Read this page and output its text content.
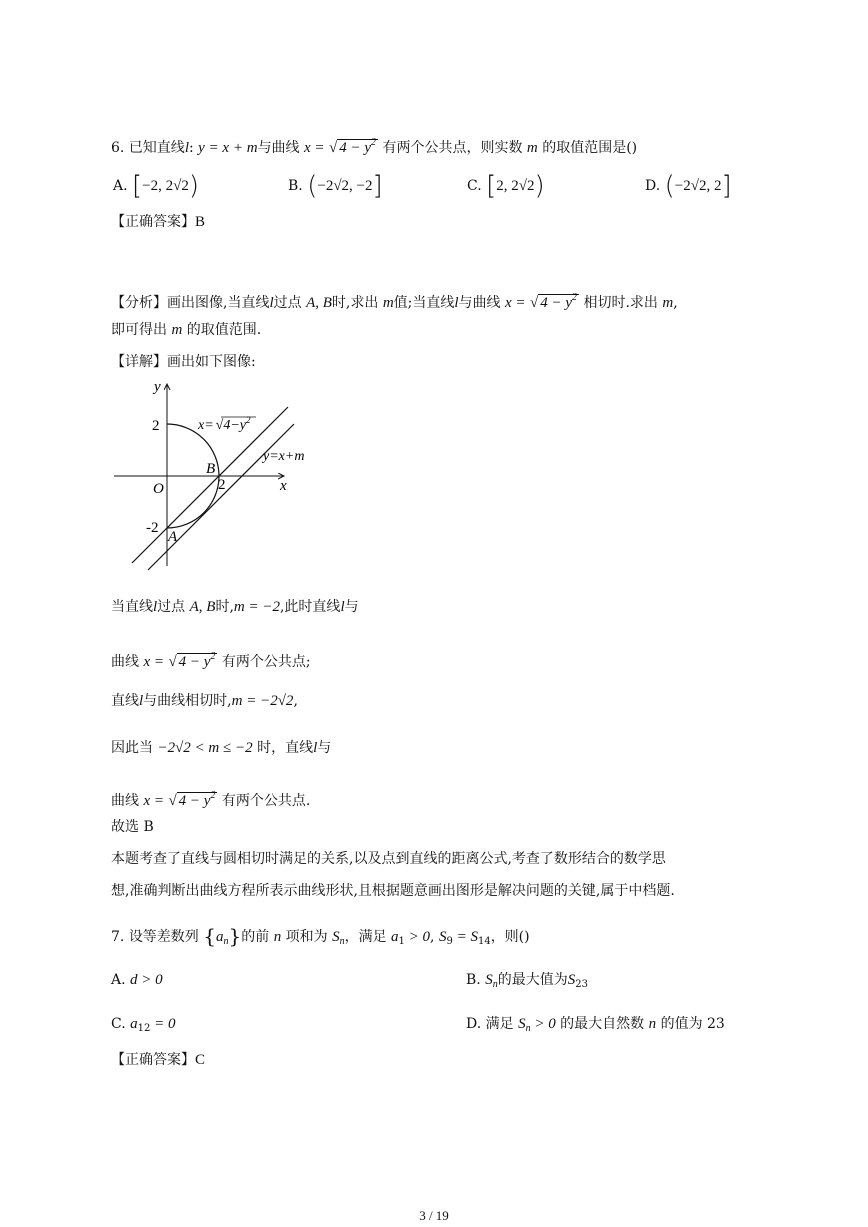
6. 已知直线l: y = x + m与曲线 x = √ $4 - y^2$ 有两个公共点，则实数 m 的取值范围是()
A. [−2, 2√2)	B. (−2√2, −2]	C. [2, 2√2)	D. (−2√2, 2]
【正确答案】B
【分析】画出图像,当直线l过点 A, B时,求出 m值;当直线l与曲线 x = √ $4 - y^2$ 相切时.求出 m,
即可得出 m 的取值范围.
【详解】画出如下图像:
y
x
O
2
-2
2
B
A
$x= √4-y^2$
y=x+m
当直线l过点 A, B时,m = −2,此时直线l与
曲线 x = √ $4 - y^2$ 有两个公共点;
直线l与曲线相切时,m = −2√2,
因此当 −2√2 < m ≤ −2 时，直线l与
曲线 x = √ $4 - y^2$ 有两个公共点.
故选 B
本题考查了直线与圆相切时满足的关系,以及点到直线的距离公式,考查了数形结合的数学思
想,准确判断出曲线方程所表示曲线形状,且根据题意画出图形是解决问题的关键,属于中档题.
7. 设等差数列 $\{a_n\}$的前 n 项和为 $S_n$，满足 $a_1 > 0$, $S_9 = S_{14}$，则()
A. d > 0	B. $S_n$的最大值为$S_{23}$
C. $a_{12} = 0$	D. 满足 $S_n > 0$ 的最大自然数 n 的值为 23
【正确答案】C
3 / 19
